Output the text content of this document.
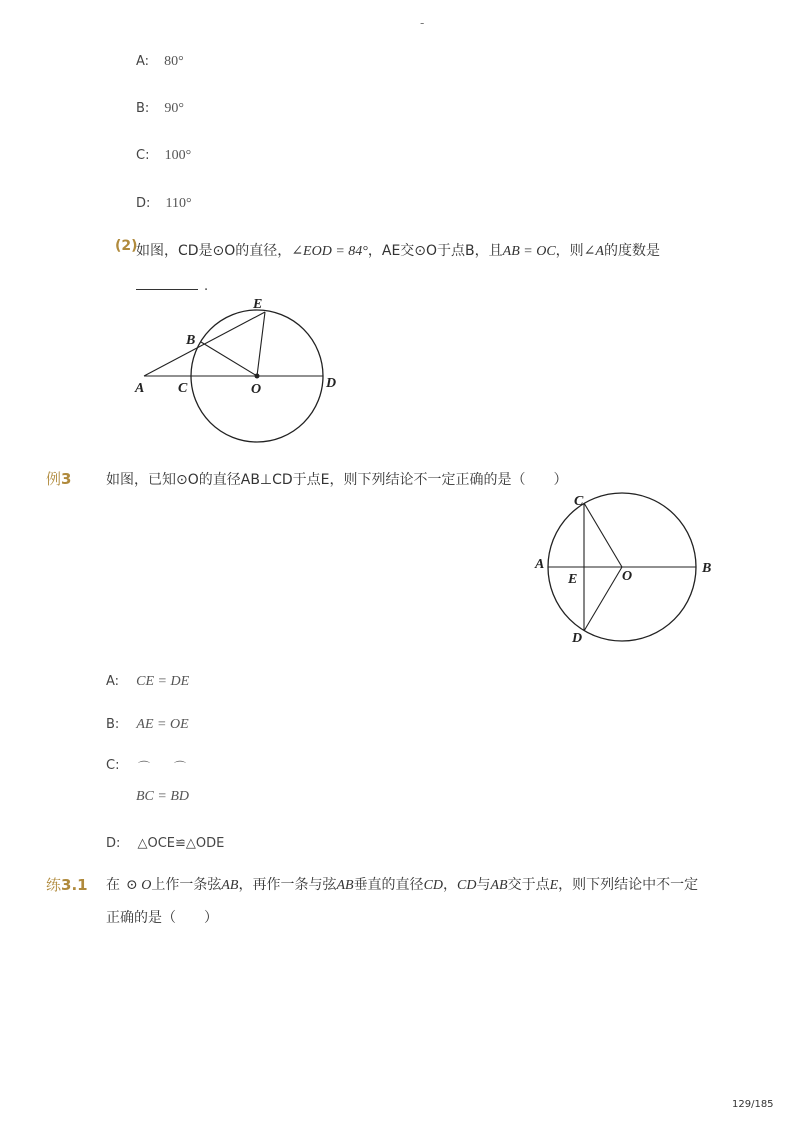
-
A: 80°
B: 90°
C: 100°
D: 110°
(2)
如图，CD是⊙O的直径，∠EOD = 84°，AE交⊙O于点B，且AB = OC，则∠A的度数是
.
E
B
A C	O	D
例3 如图，已知⊙O的直径AB⊥CD于点E，则下列结论不一定正确的是（　　）
C
A
E	O
B
D
A: CE = DE
B: AE = OE
C: ⌒ ⌒
BC = BD
D: △OCE≌△ODE
练3.1 在 ⊙ O上作一条弦AB，再作一条与弦AB垂直的直径CD，CD与AB交于点E，则下列结论中不一定
正确的是（　　）
129/185
